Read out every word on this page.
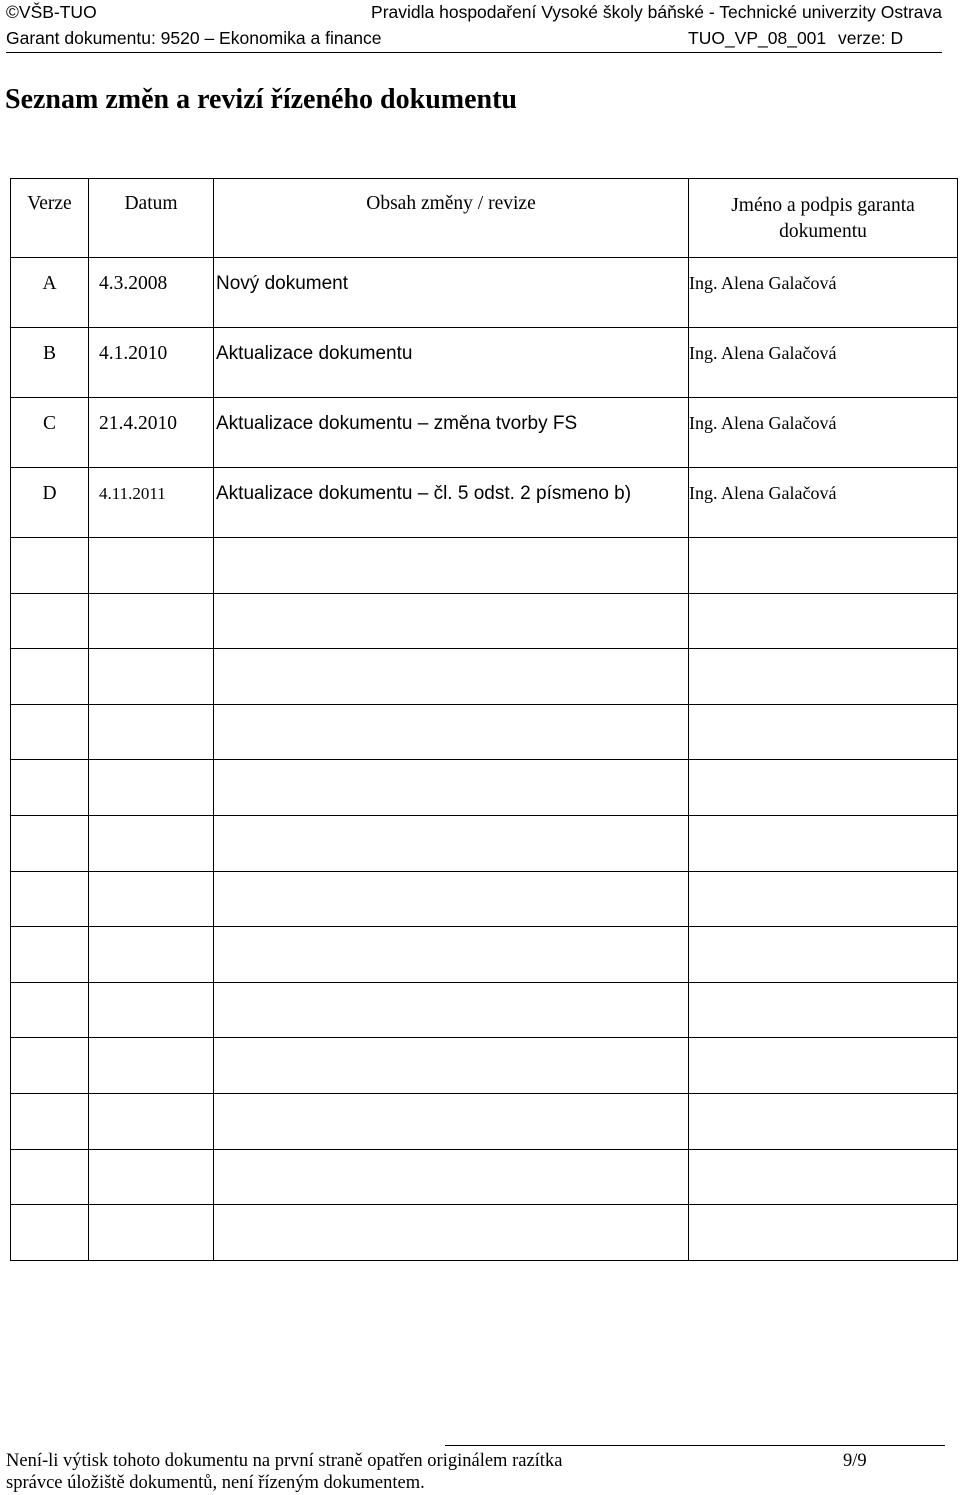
©VŠB-TUO	Pravidla hospodaření Vysoké školy báňské - Technické univerzity Ostrava
Garant dokumentu: 9520 – Ekonomika a finance	TUO_VP_08_001 verze: D
Seznam změn a revizí řízeného dokumentu
Verze	Datum	Obsah změny / revize	Jméno a podpis garanta dokumentu
A	4.3.2008	Nový dokument	Ing. Alena Galačová
B	4.1.2010	Aktualizace dokumentu	Ing. Alena Galačová
C	21.4.2010	Aktualizace dokumentu – změna tvorby FS	Ing. Alena Galačová
D	4.11.2011	Aktualizace dokumentu – čl. 5 odst. 2 písmeno b)	Ing. Alena Galačová

Není-li výtisk tohoto dokumentu na první straně opatřen originálem razítka
správce úložiště dokumentů, není řízeným dokumentem.
9/9
